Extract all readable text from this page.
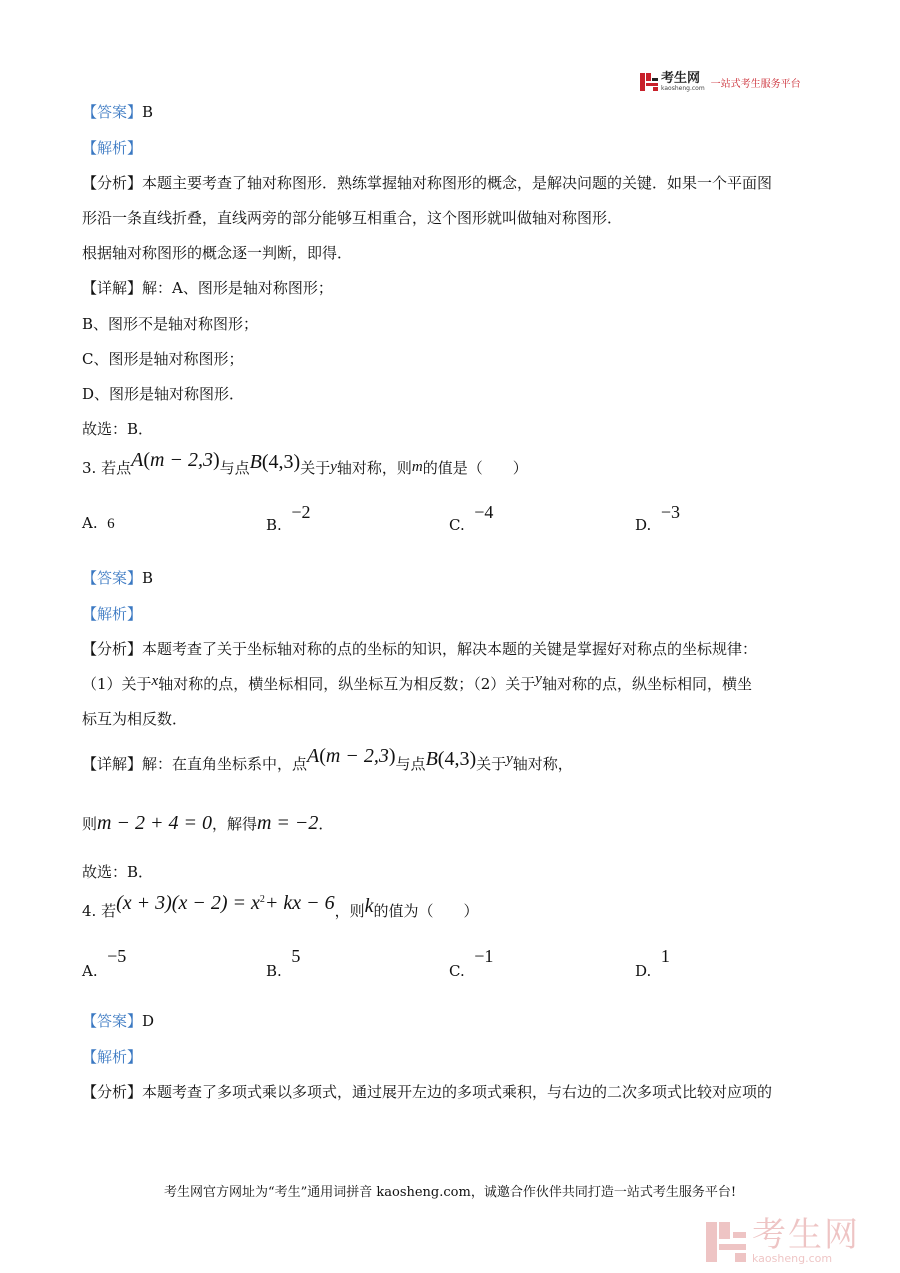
考生网
kaosheng.com 一站式考生服务平台
【答案】B
【解析】
【分析】本题主要考查了轴对称图形．熟练掌握轴对称图形的概念，是解决问题的关键．如果一个平面图
形沿一条直线折叠，直线两旁的部分能够互相重合，这个图形就叫做轴对称图形．
根据轴对称图形的概念逐一判断，即得．
【详解】解：A、图形是轴对称图形；
B、图形不是轴对称图形；
C、图形是轴对称图形；
D、图形是轴对称图形．
故选：B．
3.
若点 A ( m − 2,3 ) 与点 B (4,3) 关于 y 轴对称，则 m 的值是（　　）
A. 6	B.  −2
C.  −4
D.  −3
【答案】B
【解析】
【分析】本题考查了关于坐标轴对称的点的坐标的知识，解决本题的关键是掌握好对称点的坐标规律：
（1）关于x轴对称的点，横坐标相同，纵坐标互为相反数；（2）关于y轴对称的点，纵坐标相同，横坐
标互为相反数．
【详解】 解：在直角坐标系中，点 A ( m − 2,3 ) 与点 B (4,3) 关于 y 轴对称，
则 m − 2 + 4 = 0 ，解得 m = −2 ．
故选：B．
4.
若 (x + 3)(x − 2) = x 2 + kx − 6 ，则 k 的值为（　　）
A.  −5
B.  5
C.  −1
D.  1
【答案】D
【解析】
【分析】本题考查了多项式乘以多项式，通过展开左边的多项式乘积，与右边的二次多项式比较对应项的
考生网官方网址为“考生”通用词拼音 kaosheng.com，诚邀合作伙伴共同打造一站式考生服务平台!
考生网
kaosheng.com
